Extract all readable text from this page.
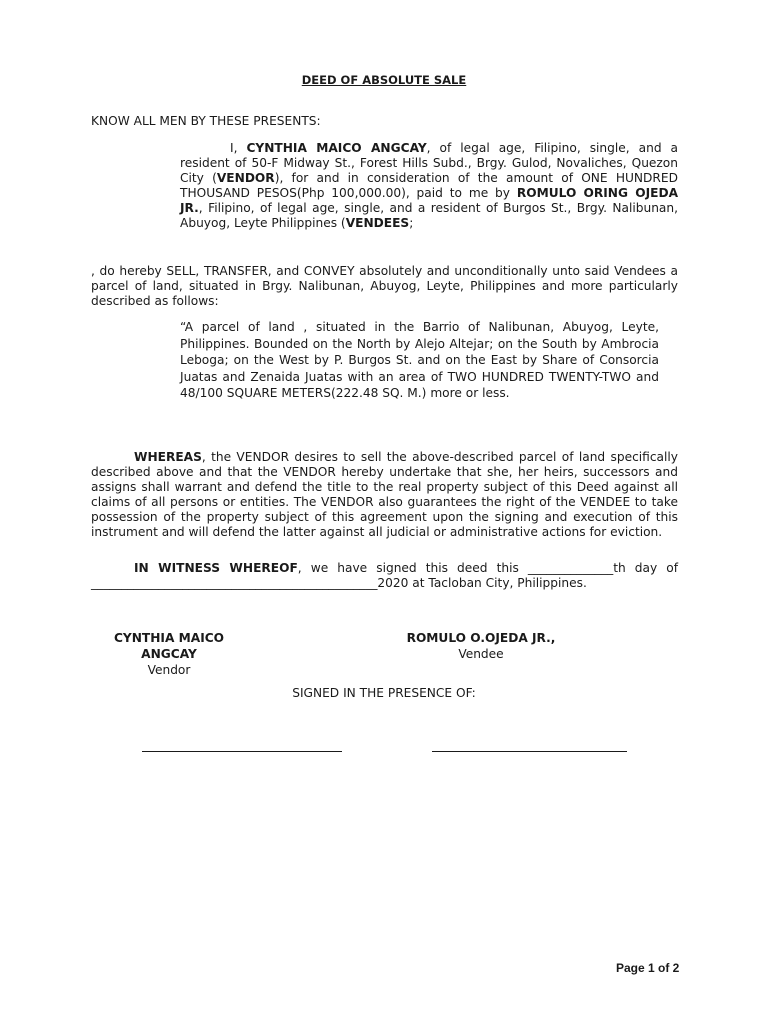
DEED OF ABSOLUTE SALE
KNOW ALL MEN BY THESE PRESENTS:
I, CYNTHIA MAICO ANGCAY, of legal age, Filipino, single, and a resident of 50-F Midway St., Forest Hills Subd., Brgy. Gulod, Novaliches, Quezon City (VENDOR), for and in consideration of the amount of ONE HUNDRED THOUSAND PESOS(Php 100,000.00), paid to me by ROMULO ORING OJEDA JR., Filipino, of legal age, single, and a resident of Burgos St., Brgy. Nalibunan, Abuyog, Leyte Philippines (VENDEES;
, do hereby SELL, TRANSFER, and CONVEY absolutely and unconditionally unto said Vendees a parcel of land, situated in Brgy. Nalibunan, Abuyog, Leyte, Philippines and more particularly described as follows:
“A parcel of land , situated in the Barrio of Nalibunan, Abuyog, Leyte, Philippines. Bounded on the North by Alejo Altejar; on the South by Ambrocia Leboga; on the West by P. Burgos St. and on the East by Share of Consorcia Juatas and Zenaida Juatas with an area of TWO HUNDRED TWENTY-TWO and 48/100 SQUARE METERS(222.48 SQ. M.) more or less.
WHEREAS, the VENDOR desires to sell the above-described parcel of land specifically described above and that the VENDOR hereby undertake that she, her heirs, successors and assigns shall warrant and defend the title to the real property subject of this Deed against all claims of all persons or entities. The VENDOR also guarantees the right of the VENDEE to take possession of the property subject of this agreement upon the signing and execution of this instrument and will defend the latter against all judicial or administrative actions for eviction.
IN WITNESS WHEREOF, we have signed this deed this ______________th day of _______________________________________________2020 at Tacloban City, Philippines.
CYNTHIA MAICO ANGCAY
Vendor
ROMULO O.OJEDA JR.,
Vendee
SIGNED IN THE PRESENCE OF:
Page 1 of 2
